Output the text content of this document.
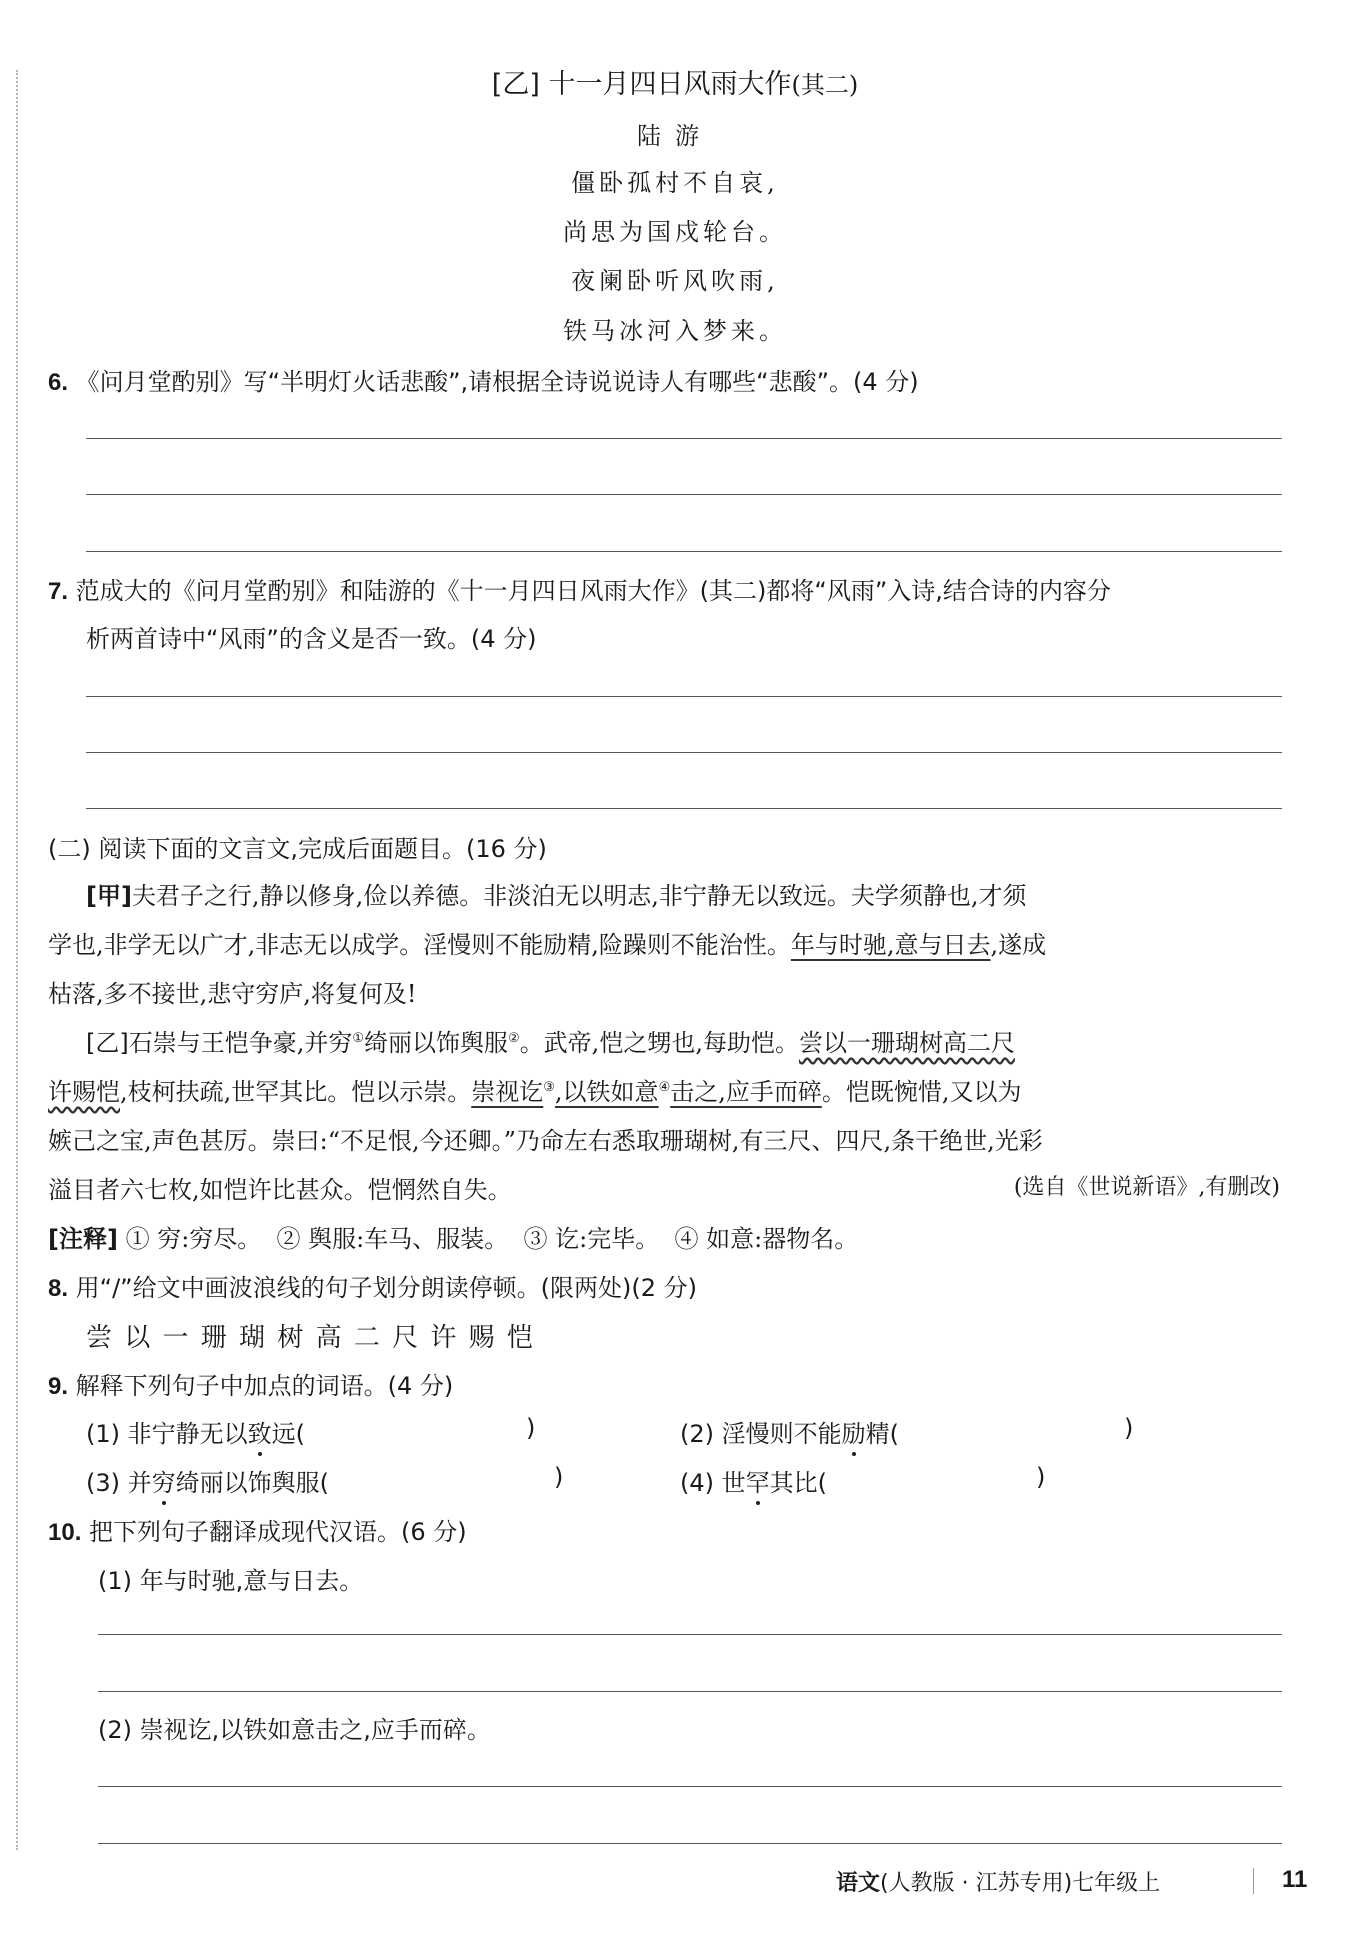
[乙] 十一月四日风雨大作(其二)
陆游
僵卧孤村不自哀,
尚思为国戍轮台。
夜阑卧听风吹雨,
铁马冰河入梦来。
6. 《问月堂酌别》写“半明灯火话悲酸”,请根据全诗说说诗人有哪些“悲酸”。(4 分)
7. 范成大的《问月堂酌别》和陆游的《十一月四日风雨大作》(其二)都将“风雨”入诗,结合诗的内容分
析两首诗中“风雨”的含义是否一致。(4 分)
(二) 阅读下面的文言文,完成后面题目。(16 分)
[甲]夫君子之行,静以修身,俭以养德。非淡泊无以明志,非宁静无以致远。夫学须静也,才须
学也,非学无以广才,非志无以成学。淫慢则不能励精,险躁则不能治性。年与时驰,意与日去,遂成
枯落,多不接世,悲守穷庐,将复何及!
[乙]石崇与王恺争豪,并穷①绮丽以饰舆服②。武帝,恺之甥也,每助恺。尝以一珊瑚树高二尺
许赐恺,枝柯扶疏,世罕其比。恺以示崇。崇视讫③,以铁如意④击之,应手而碎。恺既惋惜,又以为
嫉己之宝,声色甚厉。崇曰:“不足恨,今还卿。”乃命左右悉取珊瑚树,有三尺、四尺,条干绝世,光彩
溢目者六七枚,如恺许比甚众。恺惘然自失。	(选自《世说新语》,有删改)
[注释] ① 穷:穷尽。  ② 舆服:车马、服装。  ③ 讫:完毕。  ④ 如意:器物名。
8. 用“/”给文中画波浪线的句子划分朗读停顿。(限两处)(2 分)
尝 以 一 珊 瑚 树 高 二 尺 许 赐 恺
9. 解释下列句子中加点的词语。(4 分)
(1) 非宁静无以致远(	)	(2) 淫慢则不能励精(	)
(3) 并穷绮丽以饰舆服(	)	(4) 世罕其比(	)
10. 把下列句子翻译成现代汉语。(6 分)
(1) 年与时驰,意与日去。
(2) 崇视讫,以铁如意击之,应手而碎。
语文(人教版 · 江苏专用)七年级上	11
